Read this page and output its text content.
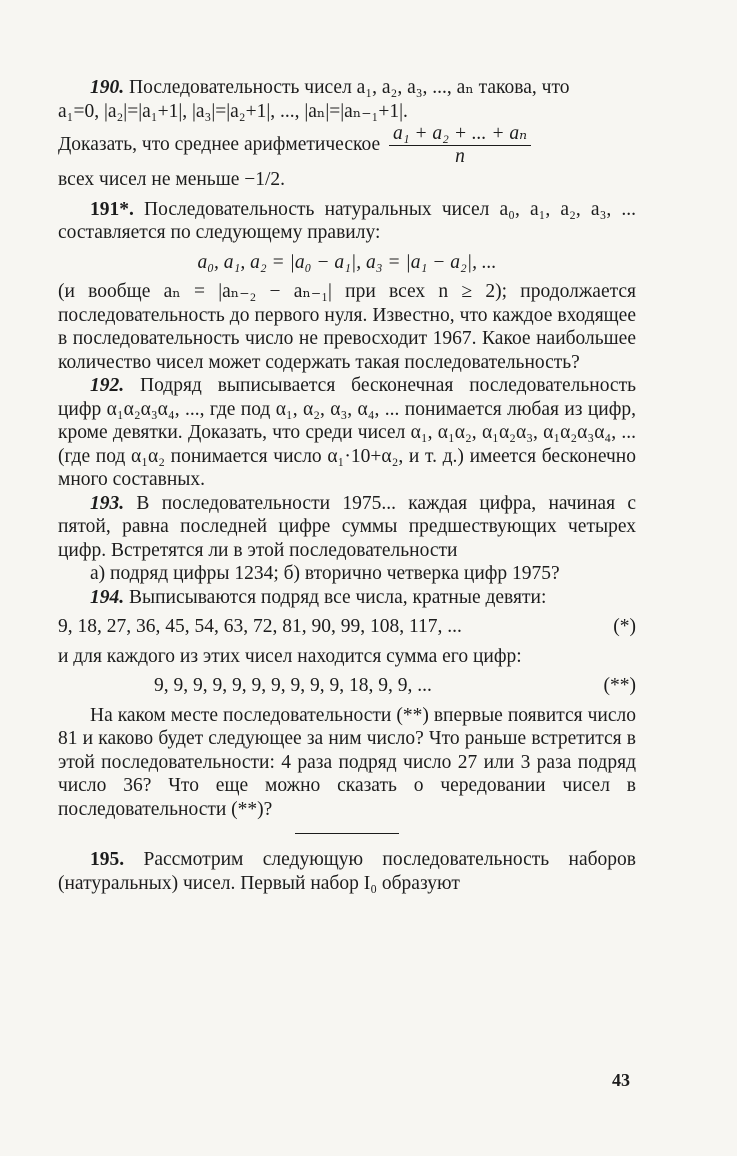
190. Последовательность чисел a₁, a₂, a₃, ..., aₙ такова, что

a₁=0, |a₂|=|a₁+1|, |a₃|=|a₂+1|, ..., |aₙ|=|aₙ₋₁+1|.

Доказать, что среднее арифметическое $\frac{\text{a₁ + a₂ + ... + aₙ}}{n}$

всех чисел не меньше −1/2.

191*. Последовательность натуральных чисел a₀, a₁, a₂, a₃, ... составляется по следующему правилу:

a₀, a₁, a₂ = |a₀ − a₁|, a₃ = |a₁ − a₂|, ...

(и вообще aₙ = |aₙ₋₂ − aₙ₋₁| при всех n ≥ 2); продолжается последовательность до первого нуля. Известно, что каждое входящее в последовательность число не превосходит 1967. Какое наибольшее количество чисел может содержать такая последовательность?

192. Подряд выписывается бесконечная последовательность цифр α₁α₂α₃α₄, ..., где под α₁, α₂, α₃, α₄, ... понимается любая из цифр, кроме девятки. Доказать, что среди чисел α₁, α₁α₂, α₁α₂α₃, α₁α₂α₃α₄, ... (где под α₁α₂ понимается число α₁·10+α₂, и т. д.) имеется бесконечно много составных.

193. В последовательности 1975... каждая цифра, начиная с пятой, равна последней цифре суммы предшествующих четырех цифр. Встретятся ли в этой последовательности

а) подряд цифры 1234; б) вторично четверка цифр 1975?

194. Выписываются подряд все числа, кратные девяти:

9, 18, 27, 36, 45, 54, 63, 72, 81, 90, 99, 108, 117, ...	(*)

и для каждого из этих чисел находится сумма его цифр:

9, 9, 9, 9, 9, 9, 9, 9, 9, 9, 18, 9, 9, ...	(**)

На каком месте последовательности (**) впервые появится число 81 и каково будет следующее за ним число? Что раньше встретится в этой последовательности: 4 раза подряд число 27 или 3 раза подряд число 36? Что еще можно сказать о чередовании чисел в последовательности (**)?

195. Рассмотрим следующую последовательность наборов (натуральных) чисел. Первый набор I₀ образуют

43
